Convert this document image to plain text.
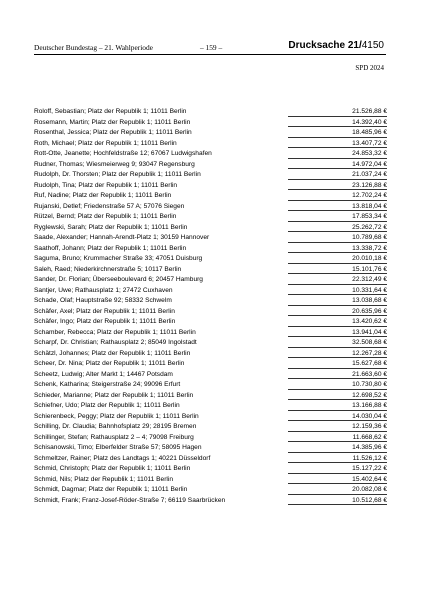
Deutscher Bundestag – 21. Wahlperiode	– 159 –	Drucksache 21/4150
SPD 2024
Roloff, Sebastian; Platz der Republik 1; 11011 Berlin	21.526,88 €
Rosemann, Martin; Platz der Republik 1; 11011 Berlin	14.392,40 €
Rosenthal, Jessica; Platz der Republik 1; 11011 Berlin	18.485,96 €
Roth, Michael; Platz der Republik 1; 11011 Berlin	13.407,72 €
Rott-Otte, Jeanette; Hochfeldstraße 12; 67067 Ludwigshafen	24.853,32 €
Rudner, Thomas; Wiesmeierweg 9; 93047 Regensburg	14.972,04 €
Rudolph, Dr. Thorsten; Platz der Republik 1; 11011 Berlin	21.037,24 €
Rudolph, Tina; Platz der Republik 1; 11011 Berlin	23.126,88 €
Ruf, Nadine; Platz der Republik 1; 11011 Berlin	12.702,24 €
Rujanski, Detlef; Friedenstraße 57 A; 57076 Siegen	13.818,04 €
Rützel, Bernd; Platz der Republik 1; 11011 Berlin	17.853,34 €
Ryglewski, Sarah; Platz der Republik 1; 11011 Berlin	25.262,72 €
Saade, Alexander; Hannah-Arendt-Platz 1; 30159 Hannover	10.789,68 €
Saathoff, Johann; Platz der Republik 1; 11011 Berlin	13.338,72 €
Saguma, Bruno; Krummacher Straße 33; 47051 Duisburg	20.010,18 €
Saleh, Raed; Niederkirchnerstraße 5; 10117 Berlin	15.101,76 €
Sander, Dr. Florian; Überseeboulevard 6; 20457 Hamburg	22.312,49 €
Santjer, Uwe; Rathausplatz 1; 27472 Cuxhaven	10.331,64 €
Schade, Olaf; Hauptstraße 92; 58332 Schwelm	13.038,68 €
Schäfer, Axel; Platz der Republik 1; 11011 Berlin	20.635,96 €
Schäfer, Ingo; Platz der Republik 1; 11011 Berlin	13.420,62 €
Schamber, Rebecca; Platz der Republik 1; 11011 Berlin	13.941,04 €
Scharpf, Dr. Christian; Rathausplatz 2; 85049 Ingolstadt	32.508,68 €
Schätzl, Johannes; Platz der Republik 1; 11011 Berlin	12.267,28 €
Scheer, Dr. Nina; Platz der Republik 1; 11011 Berlin	15.627,68 €
Scheetz, Ludwig; Alter Markt 1; 14467 Potsdam	21.663,60 €
Schenk, Katharina; Steigerstraße 24; 99096 Erfurt	10.730,80 €
Schieder, Marianne; Platz der Republik 1; 11011 Berlin	12.698,52 €
Schiefner, Udo; Platz der Republik 1; 11011 Berlin	13.166,88 €
Schierenbeck, Peggy; Platz der Republik 1; 11011 Berlin	14.030,04 €
Schilling, Dr. Claudia; Bahnhofsplatz 29; 28195 Bremen	12.159,36 €
Schillinger, Stefan; Rathausplatz 2 – 4; 79098 Freiburg	11.668,62 €
Schisanowski, Timo; Elberfelder Straße 57; 58095 Hagen	14.385,96 €
Schmeltzer, Rainer; Platz des Landtags 1; 40221 Düsseldorf	11.526,12 €
Schmid, Christoph; Platz der Republik 1; 11011 Berlin	15.127,22 €
Schmid, Nils; Platz der Republik 1; 11011 Berlin	15.402,64 €
Schmidt, Dagmar; Platz der Republik 1; 11011 Berlin	20.082,08 €
Schmidt, Frank; Franz-Josef-Röder-Straße 7; 66119 Saarbrücken	10.512,68 €
